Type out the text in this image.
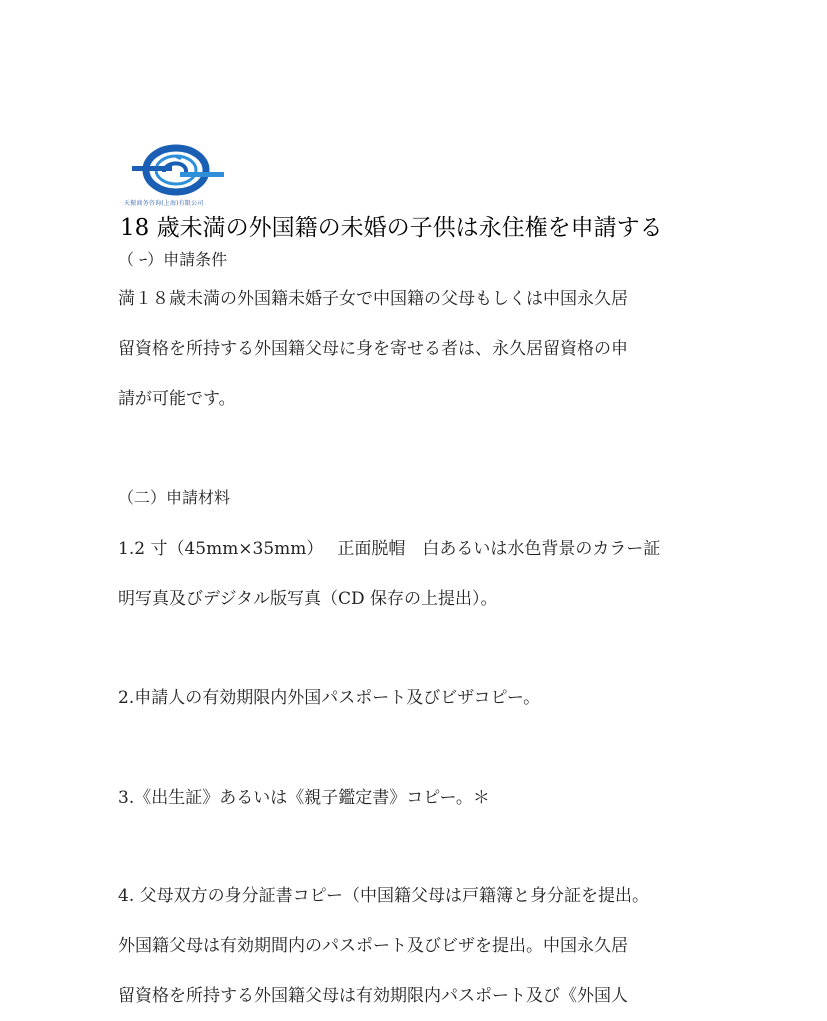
天振商务咨询(上海)有限公司
18 歳未満の外国籍の未婚の子供は永住権を申請する
（ ｰ）申請条件

満１８歳未満の外国籍未婚子女で中国籍の父母もしくは中国永久居
留資格を所持する外国籍父母に身を寄せる者は、永久居留資格の申
請が可能です。

（二）申請材料

1.2 寸（45mm×35mm）　 正面脱帽　白あるいは水色背景のカラー証
明写真及びデジタル版写真（CD 保存の上提出）。

2.申請人の有効期限内外国パスポート及びビザコピー。

3.《出生証》あるいは《親子鑑定書》コピー。＊

4. 父母双方の身分証書コピー（中国籍父母は戸籍簿と身分証を提出。
外国籍父母は有効期間内のパスポート及びビザを提出。中国永久居
留資格を所持する外国籍父母は有効期限内パスポート及び《外国人
